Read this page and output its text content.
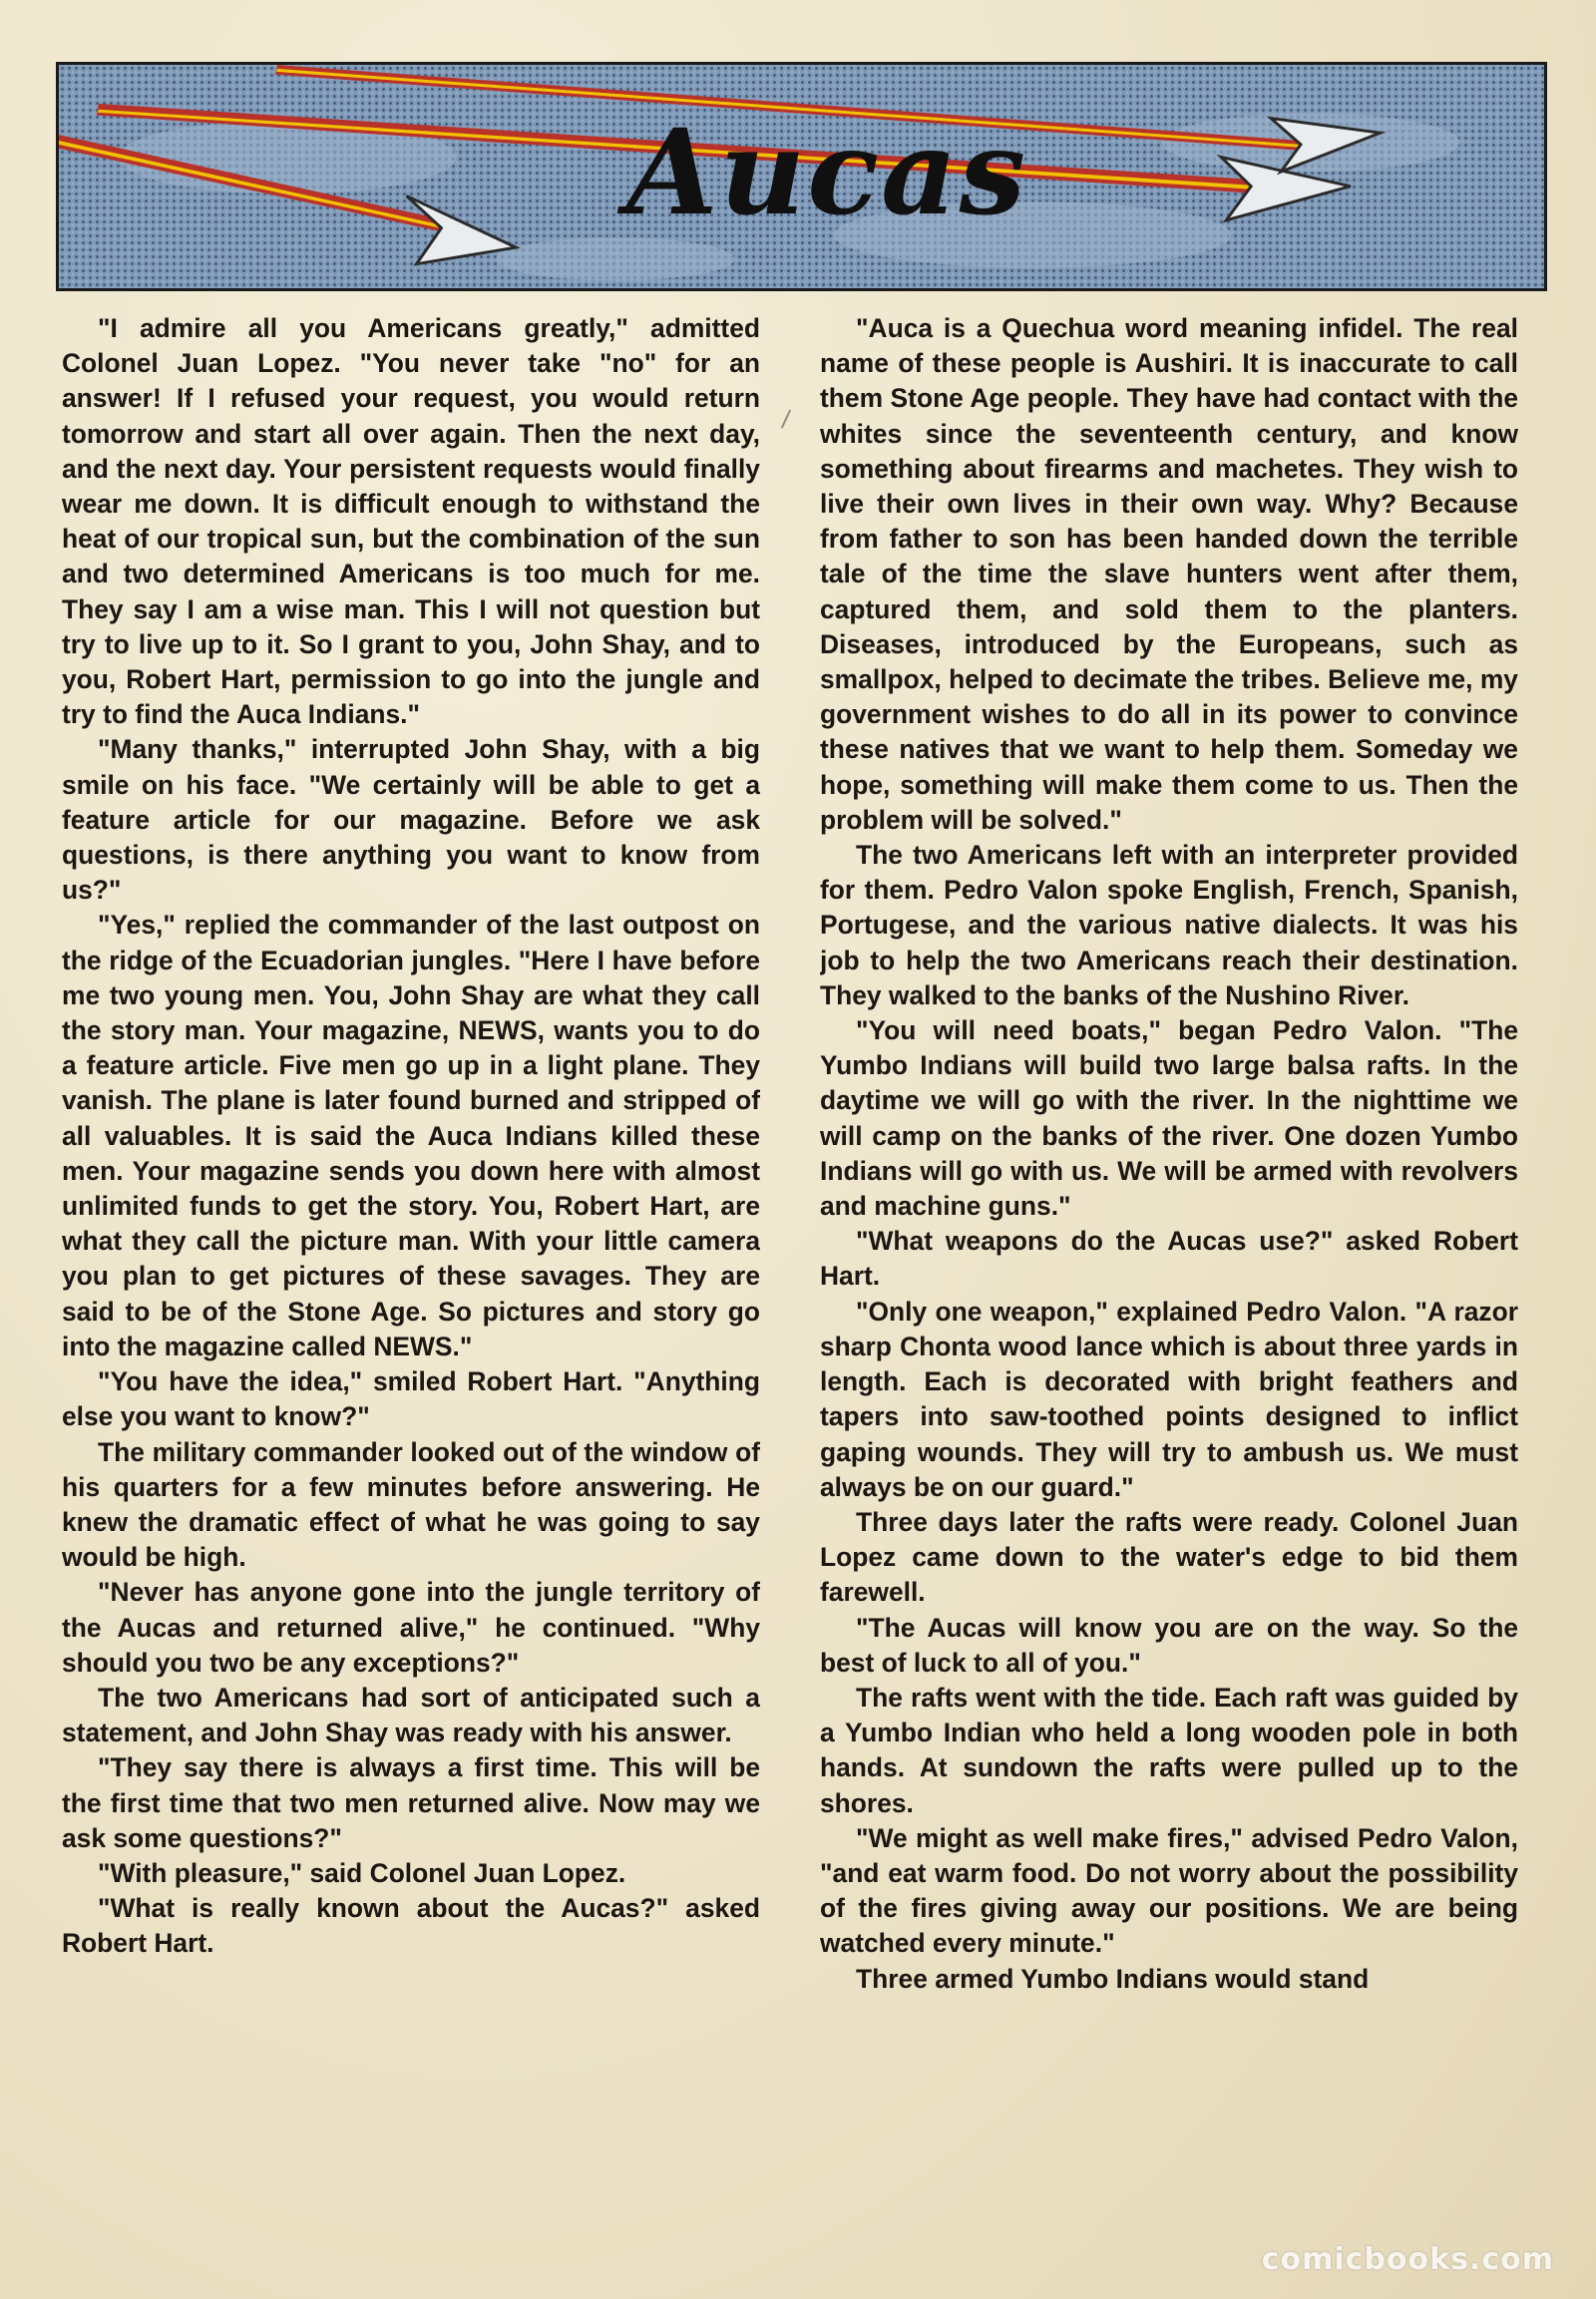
Aucas

"I admire all you Americans greatly," admitted Colonel Juan Lopez. "You never take "no" for an answer! If I refused your request, you would return tomorrow and start all over again. Then the next day, and the next day. Your persistent requests would finally wear me down. It is difficult enough to withstand the heat of our tropical sun, but the combination of the sun and two determined Americans is too much for me. They say I am a wise man. This I will not question but try to live up to it. So I grant to you, John Shay, and to you, Robert Hart, permission to go into the jungle and try to find the Auca Indians."

"Many thanks," interrupted John Shay, with a big smile on his face. "We certainly will be able to get a feature article for our magazine. Before we ask questions, is there anything you want to know from us?"

"Yes," replied the commander of the last outpost on the ridge of the Ecuadorian jungles. "Here I have before me two young men. You, John Shay are what they call the story man. Your magazine, NEWS, wants you to do a feature article. Five men go up in a light plane. They vanish. The plane is later found burned and stripped of all valuables. It is said the Auca Indians killed these men. Your magazine sends you down here with almost unlimited funds to get the story. You, Robert Hart, are what they call the picture man. With your little camera you plan to get pictures of these savages. They are said to be of the Stone Age. So pictures and story go into the magazine called NEWS."

"You have the idea," smiled Robert Hart. "Anything else you want to know?"

The military commander looked out of the window of his quarters for a few minutes before answering. He knew the dramatic effect of what he was going to say would be high.

"Never has anyone gone into the jungle territory of the Aucas and returned alive," he continued. "Why should you two be any exceptions?"

The two Americans had sort of anticipated such a statement, and John Shay was ready with his answer.

"They say there is always a first time. This will be the first time that two men returned alive. Now may we ask some questions?"

"With pleasure," said Colonel Juan Lopez.

"What is really known about the Aucas?" asked Robert Hart.

"Auca is a Quechua word meaning infidel. The real name of these people is Aushiri. It is inaccurate to call them Stone Age people. They have had contact with the whites since the seventeenth century, and know something about firearms and machetes. They wish to live their own lives in their own way. Why? Because from father to son has been handed down the terrible tale of the time the slave hunters went after them, captured them, and sold them to the planters. Diseases, introduced by the Europeans, such as smallpox, helped to decimate the tribes. Believe me, my government wishes to do all in its power to convince these natives that we want to help them. Someday we hope, something will make them come to us. Then the problem will be solved."

The two Americans left with an interpreter provided for them. Pedro Valon spoke English, French, Spanish, Portugese, and the various native dialects. It was his job to help the two Americans reach their destination. They walked to the banks of the Nushino River.

"You will need boats," began Pedro Valon. "The Yumbo Indians will build two large balsa rafts. In the daytime we will go with the river. In the nighttime we will camp on the banks of the river. One dozen Yumbo Indians will go with us. We will be armed with revolvers and machine guns."

"What weapons do the Aucas use?" asked Robert Hart.

"Only one weapon," explained Pedro Valon. "A razor sharp Chonta wood lance which is about three yards in length. Each is decorated with bright feathers and tapers into saw-toothed points designed to inflict gaping wounds. They will try to ambush us. We must always be on our guard."

Three days later the rafts were ready. Colonel Juan Lopez came down to the water's edge to bid them farewell.

"The Aucas will know you are on the way. So the best of luck to all of you."

The rafts went with the tide. Each raft was guided by a Yumbo Indian who held a long wooden pole in both hands. At sundown the rafts were pulled up to the shores.

"We might as well make fires," advised Pedro Valon, "and eat warm food. Do not worry about the possibility of the fires giving away our positions. We are being watched every minute."

Three armed Yumbo Indians would stand

comicbooks.com
